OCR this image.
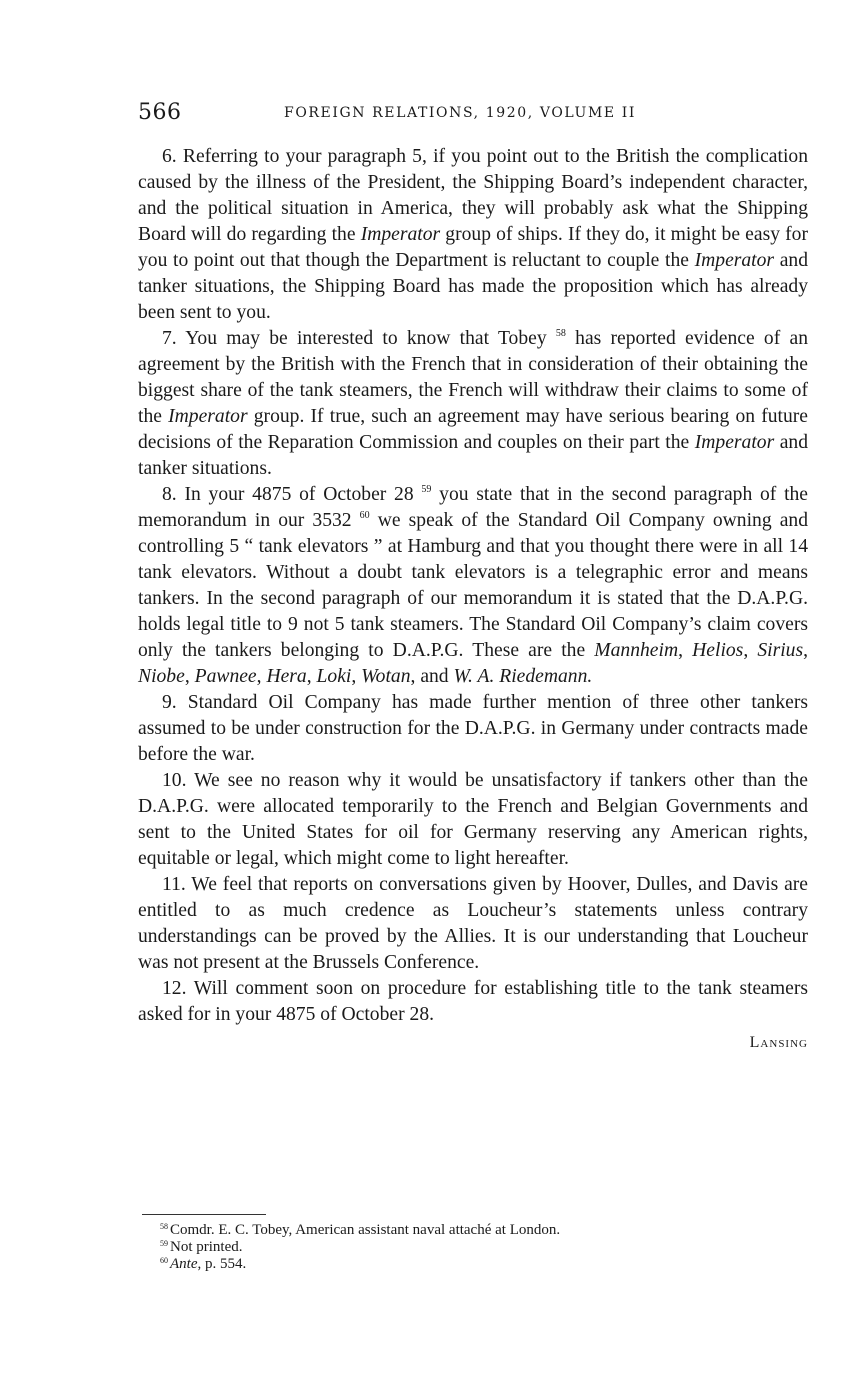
566	FOREIGN RELATIONS, 1920, VOLUME II

6. Referring to your paragraph 5, if you point out to the British the complication caused by the illness of the President, the Shipping Board’s independent character, and the political situation in America, they will probably ask what the Shipping Board will do regarding the Imperator group of ships. If they do, it might be easy for you to point out that though the Department is reluctant to couple the Imperator and tanker situations, the Shipping Board has made the proposition which has already been sent to you.

7. You may be interested to know that Tobey $^{58}$ has reported evidence of an agreement by the British with the French that in consideration of their obtaining the biggest share of the tank steamers, the French will withdraw their claims to some of the Imperator group. If true, such an agreement may have serious bearing on future decisions of the Reparation Commission and couples on their part the Imperator and tanker situations.

8. In your 4875 of October 28 $^{59}$ you state that in the second paragraph of the memorandum in our 3532 $^{60}$ we speak of the Standard Oil Company owning and controlling 5 “ tank elevators ” at Hamburg and that you thought there were in all 14 tank elevators. Without a doubt tank elevators is a telegraphic error and means tankers. In the second paragraph of our memorandum it is stated that the D.A.P.G. holds legal title to 9 not 5 tank steamers. The Standard Oil Company’s claim covers only the tankers belonging to D.A.P.G. These are the Mannheim, Helios, Sirius, Niobe, Pawnee, Hera, Loki, Wotan, and W. A. Riedemann.

9. Standard Oil Company has made further mention of three other tankers assumed to be under construction for the D.A.P.G. in Germany under contracts made before the war.

10. We see no reason why it would be unsatisfactory if tankers other than the D.A.P.G. were allocated temporarily to the French and Belgian Governments and sent to the United States for oil for Germany reserving any American rights, equitable or legal, which might come to light hereafter.

11. We feel that reports on conversations given by Hoover, Dulles, and Davis are entitled to as much credence as Loucheur’s statements unless contrary understandings can be proved by the Allies. It is our understanding that Loucheur was not present at the Brussels Conference.

12. Will comment soon on procedure for establishing title to the tank steamers asked for in your 4875 of October 28.

Lansing

$^{58}$ Comdr. E. C. Tobey, American assistant naval attaché at London.

$^{59}$ Not printed.

$^{60}$ Ante, p. 554.
